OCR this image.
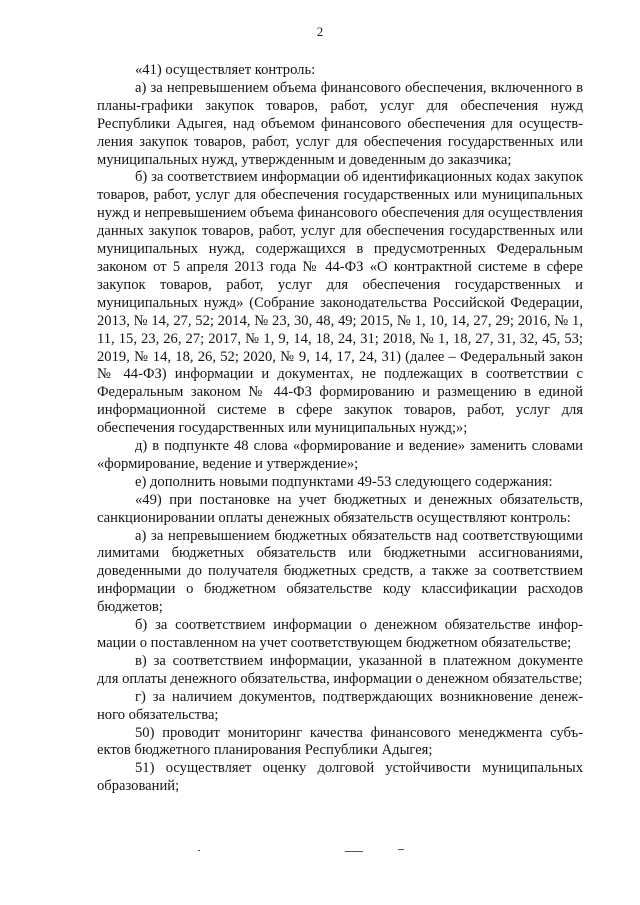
2

«41) осуществляет контроль:

а) за непревышением объема финансового обеспечения, включенного в планы-графики закупок товаров, работ, услуг для обеспечения нужд Республики Адыгея, над объемом финансового обеспечения для осуществления закупок товаров, работ, услуг для обеспечения государственных или муниципальных нужд, утвержденным и доведенным до заказчика;

б) за соответствием информации об идентификационных кодах закупок товаров, работ, услуг для обеспечения государственных или муниципальных нужд и непревышением объема финансового обеспечения для осуществления данных закупок товаров, работ, услуг для обеспечения государственных или муниципальных нужд, содержащихся в предусмотренных Федеральным законом от 5 апреля 2013 года № 44-ФЗ «О контрактной системе в сфере закупок товаров, работ, услуг для обеспечения государственных и муниципальных нужд» (Собрание законодательства Российской Федерации, 2013, № 14, 27, 52; 2014, № 23, 30, 48, 49; 2015, № 1, 10, 14, 27, 29; 2016, № 1, 11, 15, 23, 26, 27; 2017, № 1, 9, 14, 18, 24, 31; 2018, № 1, 18, 27, 31, 32, 45, 53; 2019, № 14, 18, 26, 52; 2020, № 9, 14, 17, 24, 31) (далее – Федеральный закон № 44-ФЗ) информации и документах, не подлежащих в соответствии с Федеральным законом № 44-ФЗ формированию и размещению в единой информационной системе в сфере закупок товаров, работ, услуг для обеспечения государственных или муниципальных нужд;»;

д) в подпункте 48 слова «формирование и ведение» заменить словами «формирование, ведение и утверждение»;

е) дополнить новыми подпунктами 49-53 следующего содержания:

«49) при постановке на учет бюджетных и денежных обязательств, санкционировании оплаты денежных обязательств осуществляют контроль:

а) за непревышением бюджетных обязательств над соответствующими лимитами бюджетных обязательств или бюджетными ассигнованиями, доведенными до получателя бюджетных средств, а также за соответствием информации о бюджетном обязательстве коду классификации расходов бюджетов;

б) за соответствием информации о денежном обязательстве информации о поставленном на учет соответствующем бюджетном обязательстве;

в) за соответствием информации, указанной в платежном документе для оплаты денежного обязательства, информации о денежном обязательстве;

г) за наличием документов, подтверждающих возникновение денежного обязательства;

50) проводит мониторинг качества финансового менеджмента субъектов бюджетного планирования Республики Адыгея;

51) осуществляет оценку долговой устойчивости муниципальных образований;
